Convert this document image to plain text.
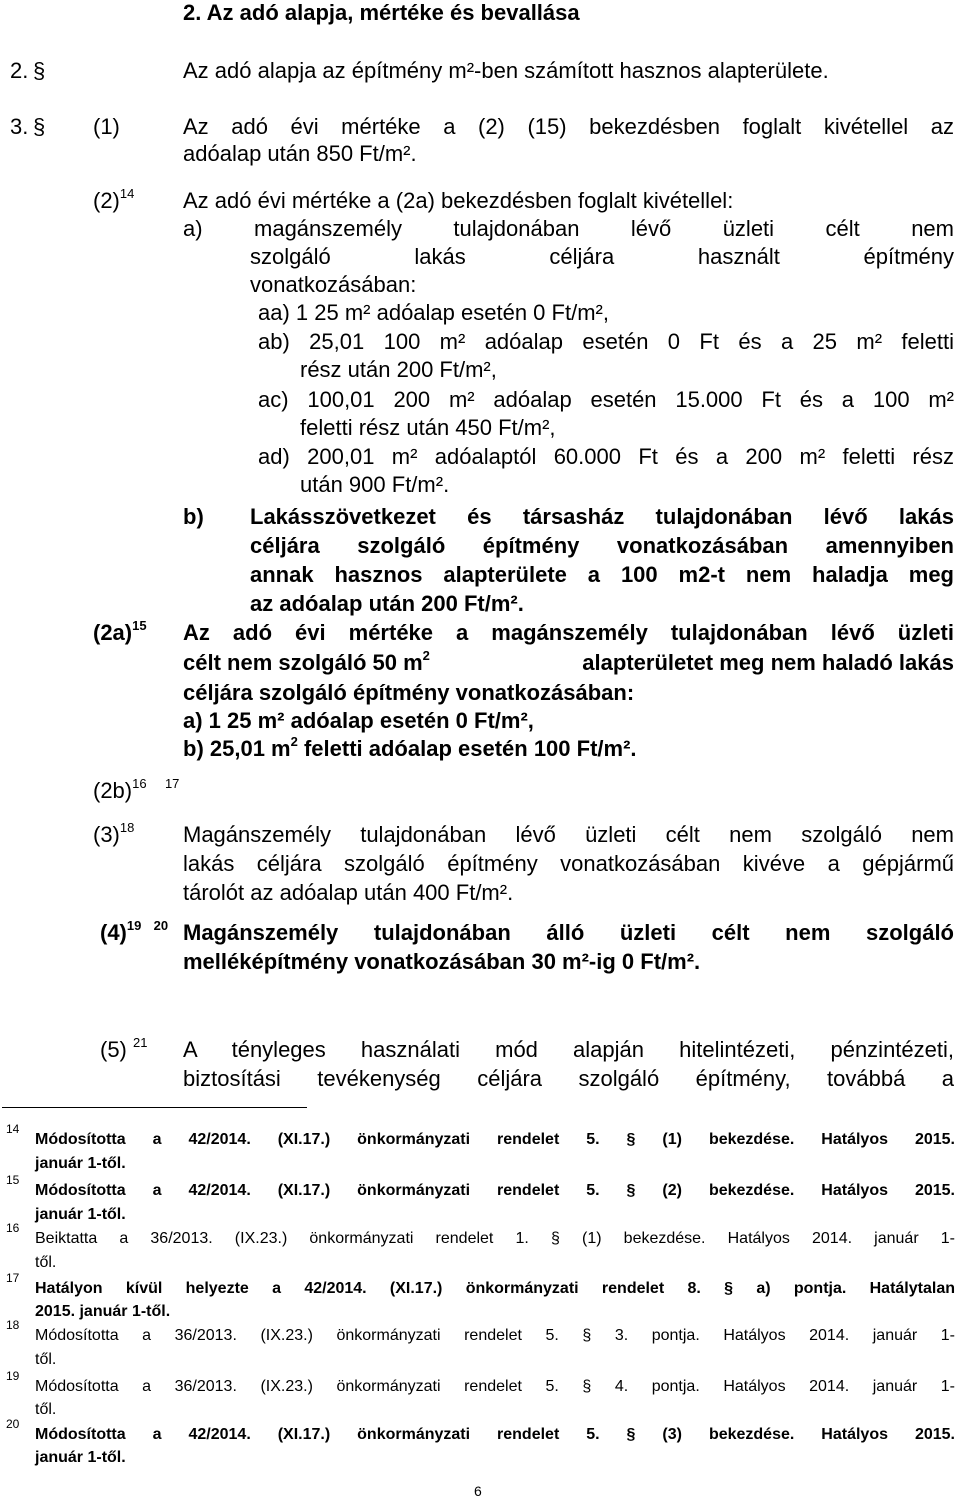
2. Az adó alapja, mértéke és bevallása
2. §	Az adó alapja az építmény m²-ben számított hasznos alapterülete.
3. § (1)	Az adó évi mértéke a (2) (15) bekezdésben foglalt kivétellel az
adóalap után 850 Ft/m².
$(2)^{14}$ Az adó évi mértéke a (2a) bekezdésben foglalt kivétellel:
a) magánszemély tulajdonában lévő üzleti célt nem
szolgáló lakás céljára használt építmény
vonatkozásában:
aa) 1 25 m² adóalap esetén 0 Ft/m²,
ab) 25,01 100 m² adóalap esetén 0 Ft és a 25 m² feletti
rész után 200 Ft/m²,
ac) 100,01 200 m² adóalap esetén 15.000 Ft és a 100 m²
feletti rész után 450 Ft/m²,
ad) 200,01 m² adóalaptól 60.000 Ft és a 200 m² feletti rész
után 900 Ft/m².
b) Lakásszövetkezet és társasház tulajdonában lévő lakás
céljára szolgáló építmény vonatkozásában amennyiben
annak hasznos alapterülete a 100 m2-t nem haladja meg
az adóalap után 200 Ft/m².
$(2a)^{15}$ Az adó évi mértéke a magánszemély tulajdonában lévő üzleti
célt nem szolgáló 50 $m^2$	alapterületet meg nem haladó lakás
céljára szolgáló építmény vonatkozásában:
a) 1 25 m² adóalap esetén 0 Ft/m²,
b) 25,01 $m^2$ feletti adóalap esetén 100 Ft/m².
$(2b)^{16}$ $^{17}$
$(3)^{18}$ Magánszemély tulajdonában lévő üzleti célt nem szolgáló nem
lakás céljára szolgáló építmény vonatkozásában kivéve a gépjármű
tárolót az adóalap után 400 Ft/m².
$(4)^{19}$ $^{20}$ Magánszemély tulajdonában álló üzleti célt nem szolgáló
melléképítmény vonatkozásában 30 m²-ig 0 Ft/m².
(5) $^{21}$ A tényleges használati mód alapján hitelintézeti, pénzintézeti,
biztosítási tevékenység céljára szolgáló építmény, továbbá a
14
Módosította a 42/2014. (XI.17.) önkormányzati rendelet 5. § (1) bekezdése. Hatályos 2015.
január 1-től.
15
Módosította a 42/2014. (XI.17.) önkormányzati rendelet 5. § (2) bekezdése. Hatályos 2015.
január 1-től.
16
Beiktatta a 36/2013. (IX.23.) önkormányzati rendelet 1. § (1) bekezdése. Hatályos 2014. január 1-
től.
17
Hatályon kívül helyezte a 42/2014. (XI.17.) önkormányzati rendelet 8. § a) pontja. Hatálytalan
2015. január 1-től.
18
Módosította a 36/2013. (IX.23.) önkormányzati rendelet 5. § 3. pontja. Hatályos 2014. január 1-
től.
19
Módosította a 36/2013. (IX.23.) önkormányzati rendelet 5. § 4. pontja. Hatályos 2014. január 1-
től.
20
Módosította a 42/2014. (XI.17.) önkormányzati rendelet 5. § (3) bekezdése. Hatályos 2015.
január 1-től.
6
